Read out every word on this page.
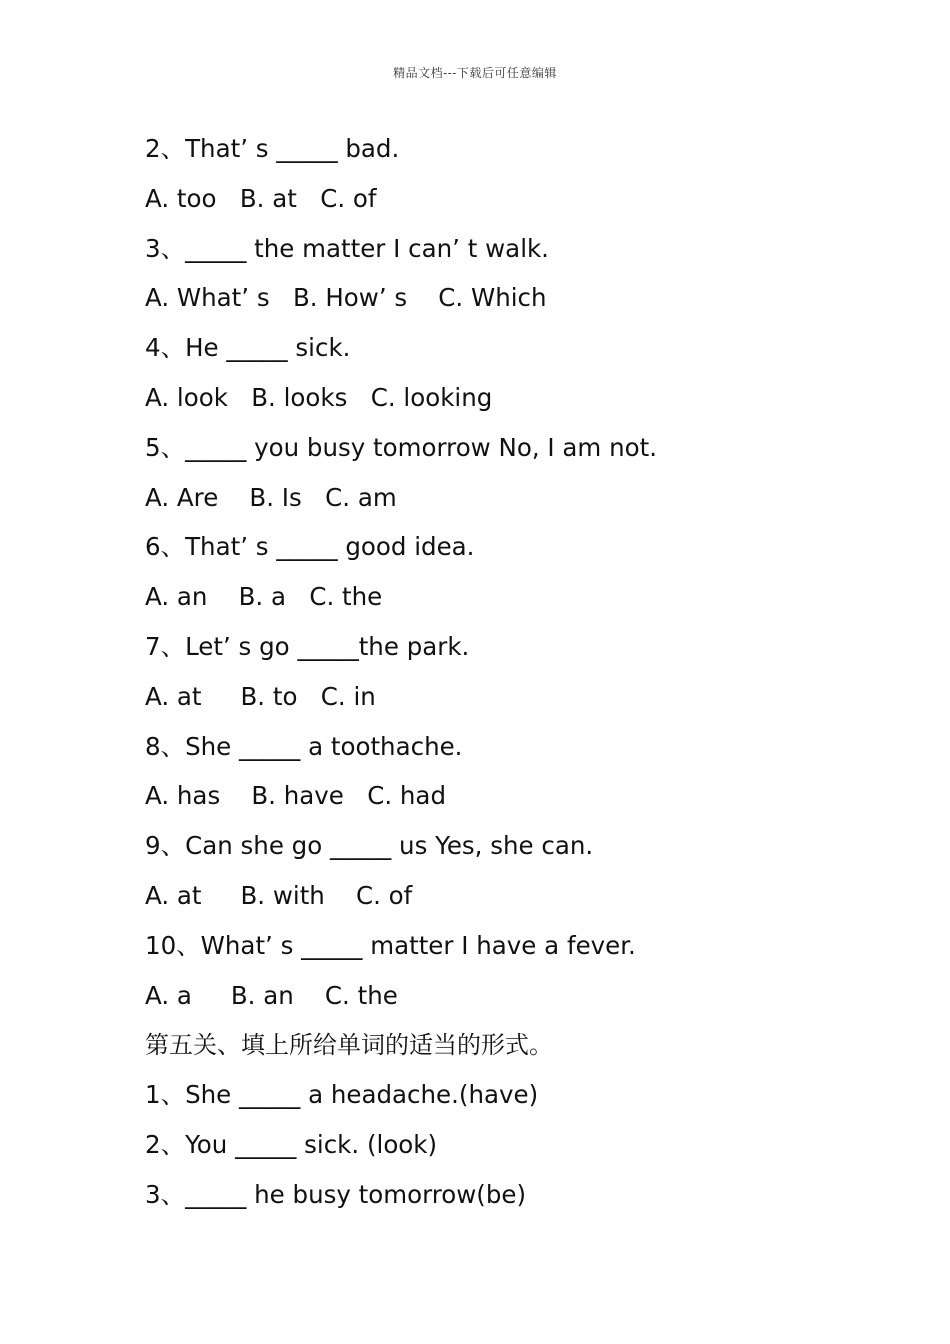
精品文档---下载后可任意编辑
2、That’ s _____ bad.
A. too   B. at   C. of
3、_____ the matter I can’ t walk.
A. What’ s   B. How’ s    C. Which
4、He _____ sick.
A. look   B. looks   C. looking
5、_____ you busy tomorrow No, I am not.
A. Are    B. Is   C. am
6、That’ s _____ good idea.
A. an    B. a   C. the
7、Let’ s go _____the park.
A. at     B. to   C. in
8、She _____ a toothache.
A. has    B. have   C. had
9、Can she go _____ us Yes, she can.
A. at     B. with    C. of
10、What’ s _____ matter I have a fever.
A. a     B. an    C. the
第五关、填上所给单词的适当的形式。
1、She _____ a headache.(have)
2、You _____ sick. (look)
3、_____ he busy tomorrow(be)
